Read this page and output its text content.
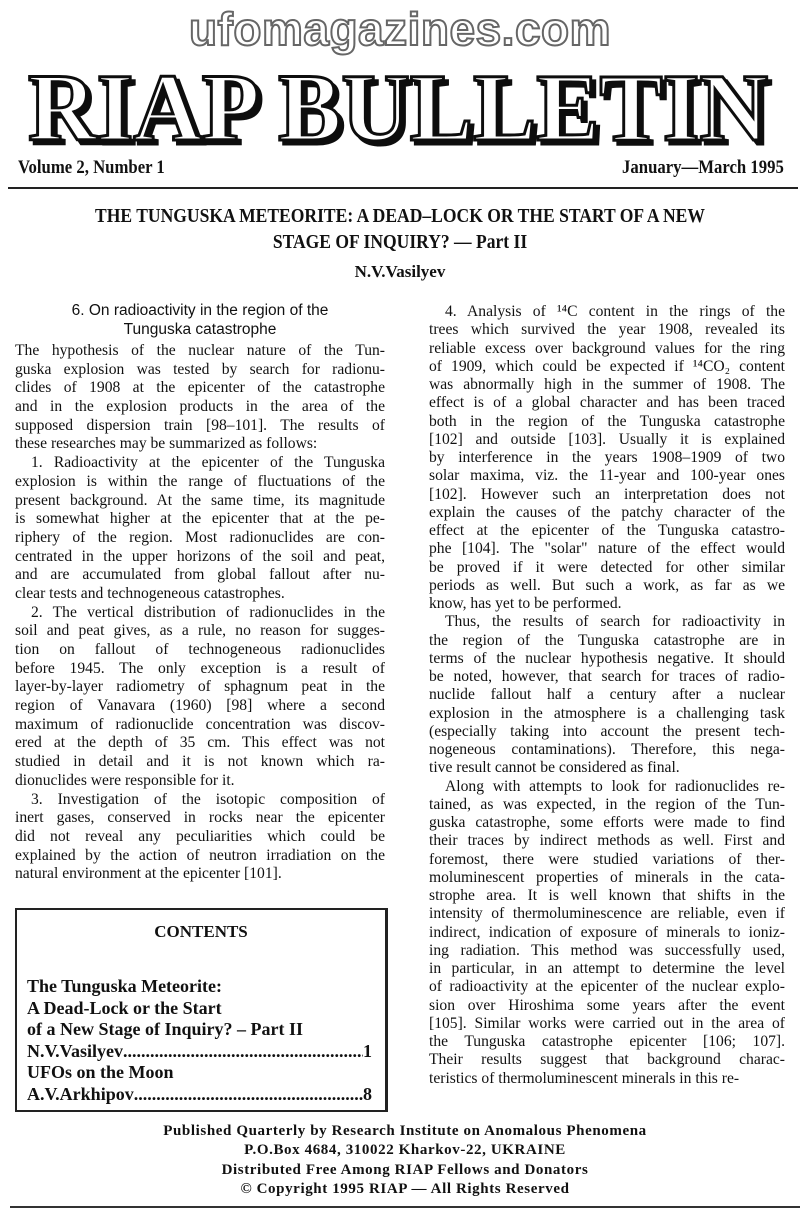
ufomagazines.com
RIAP BULLETIN
Volume 2, Number 1	January—March 1995
THE TUNGUSKA METEORITE: A DEAD–LOCK OR THE START OF A NEW
STAGE OF INQUIRY? — Part II
N.V.Vasilyev
6. On radioactivity in the region of the
Tunguska catastrophe
The hypothesis of the nuclear nature of the Tun-
guska explosion was tested by search for radionu-
clides of 1908 at the epicenter of the catastrophe
and in the explosion products in the area of the
supposed dispersion train [98–101]. The results of
these researches may be summarized as follows:
1. Radioactivity at the epicenter of the Tunguska
explosion is within the range of fluctuations of the
present background. At the same time, its magnitude
is somewhat higher at the epicenter that at the pe-
riphery of the region. Most radionuclides are con-
centrated in the upper horizons of the soil and peat,
and are accumulated from global fallout after nu-
clear tests and technogeneous catastrophes.
2. The vertical distribution of radionuclides in the
soil and peat gives, as a rule, no reason for sugges-
tion on fallout of technogeneous radionuclides
before 1945. The only exception is a result of
layer-by-layer radiometry of sphagnum peat in the
region of Vanavara (1960) [98] where a second
maximum of radionuclide concentration was discov-
ered at the depth of 35 cm. This effect was not
studied in detail and it is not known which ra-
dionuclides were responsible for it.
3. Investigation of the isotopic composition of
inert gases, conserved in rocks near the epicenter
did not reveal any peculiarities which could be
explained by the action of neutron irradiation on the
natural environment at the epicenter [101].
4. Analysis of ¹⁴C content in the rings of the
trees which survived the year 1908, revealed its
reliable excess over background values for the ring
of 1909, which could be expected if ¹⁴CO₂ content
was abnormally high in the summer of 1908. The
effect is of a global character and has been traced
both in the region of the Tunguska catastrophe
[102] and outside [103]. Usually it is explained
by interference in the years 1908–1909 of two
solar maxima, viz. the 11-year and 100-year ones
[102]. However such an interpretation does not
explain the causes of the patchy character of the
effect at the epicenter of the Tunguska catastro-
phe [104]. The "solar" nature of the effect would
be proved if it were detected for other similar
periods as well. But such a work, as far as we
know, has yet to be performed.
Thus, the results of search for radioactivity in
the region of the Tunguska catastrophe are in
terms of the nuclear hypothesis negative. It should
be noted, however, that search for traces of radio-
nuclide fallout half a century after a nuclear
explosion in the atmosphere is a challenging task
(especially taking into account the present tech-
nogeneous contaminations). Therefore, this nega-
tive result cannot be considered as final.
Along with attempts to look for radionuclides re-
tained, as was expected, in the region of the Tun-
guska catastrophe, some efforts were made to find
their traces by indirect methods as well. First and
foremost, there were studied variations of ther-
moluminescent properties of minerals in the cata-
strophe area. It is well known that shifts in the
intensity of thermoluminescence are reliable, even if
indirect, indication of exposure of minerals to ioniz-
ing radiation. This method was successfully used,
in particular, in an attempt to determine the level
of radioactivity at the epicenter of the nuclear explo-
sion over Hiroshima some years after the event
[105]. Similar works were carried out in the area of
the Tunguska catastrophe epicenter [106; 107].
Their results suggest that background charac-
teristics of thermoluminescent minerals in this re-
CONTENTS
The Tunguska Meteorite:
A Dead-Lock or the Start
of a New Stage of Inquiry? – Part II
N.V.Vasilyev .....	1
UFOs on the Moon
A.V.Arkhipov .....	8
Published Quarterly by Research Institute on Anomalous Phenomena
P.O.Box 4684, 310022 Kharkov-22, UKRAINE
Distributed Free Among RIAP Fellows and Donators
© Copyright 1995 RIAP — All Rights Reserved
